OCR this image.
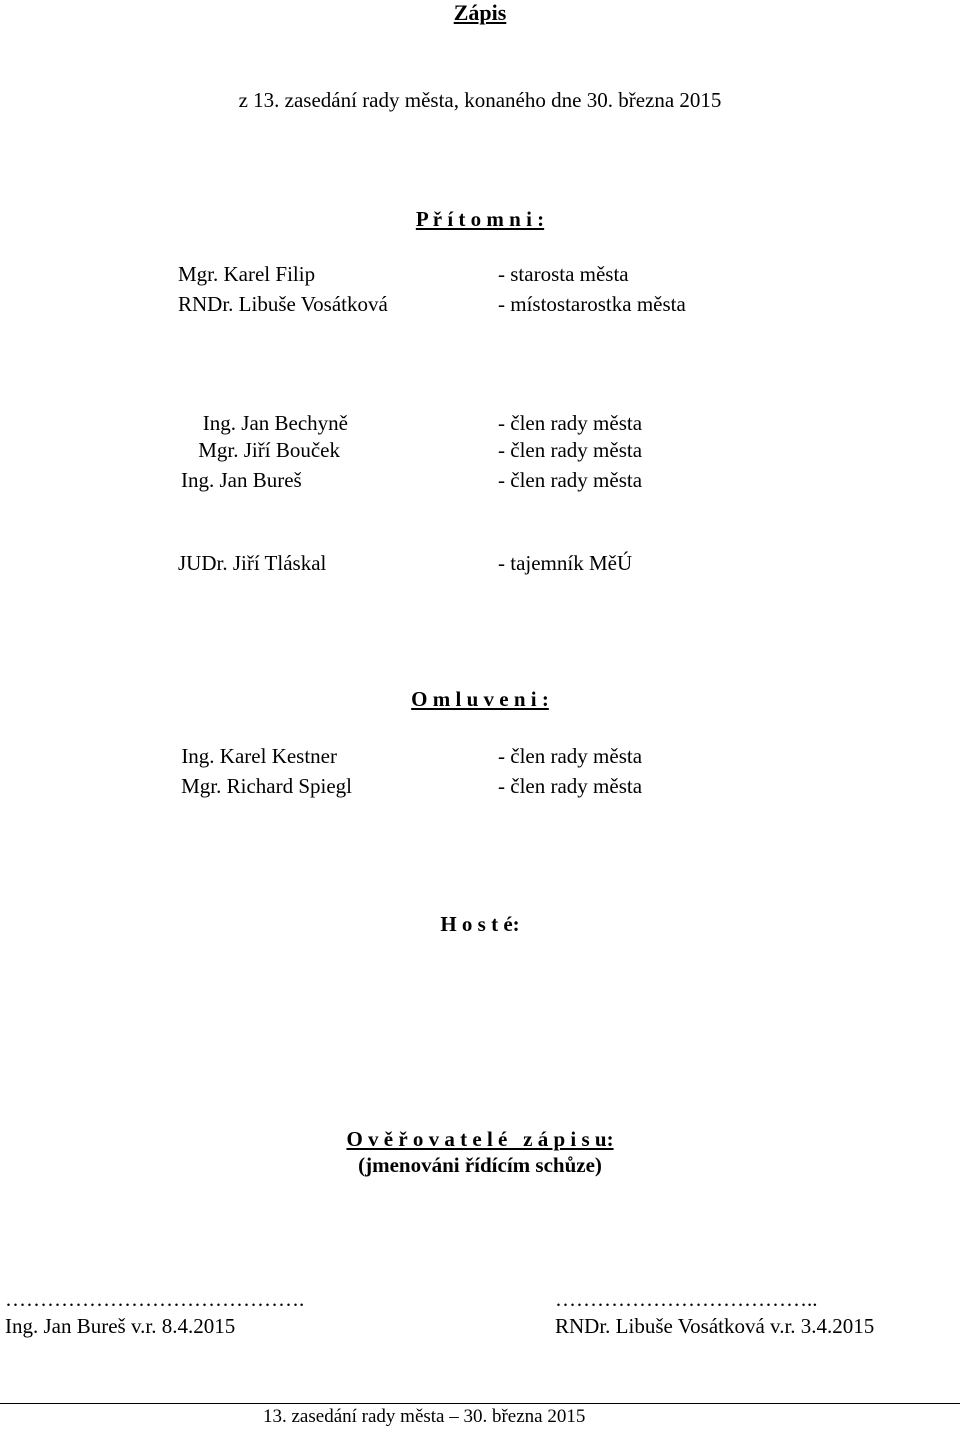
Zápis
z 13. zasedání rady města, konaného dne 30. března 2015
P ř í t o m n i :
Mgr. Karel Filip	- starosta města
RNDr. Libuše Vosátková	- místostarostka města
Ing. Jan Bechyně	- člen rady města
Mgr. Jiří Bouček	- člen rady města
Ing. Jan Bureš	- člen rady města
JUDr. Jiří Tláskal	- tajemník MěÚ
O m l u v e n i :
Ing. Karel Kestner	- člen rady města
Mgr. Richard Spiegl	- člen rady města
H o s t é:
O v ě ř o v a t e l é   z á p i s u:
(jmenováni řídícím schůze)
…………………………………….
Ing. Jan Bureš v.r. 8.4.2015
………………………………..
RNDr. Libuše Vosátková v.r. 3.4.2015
13. zasedání rady města – 30. března 2015
